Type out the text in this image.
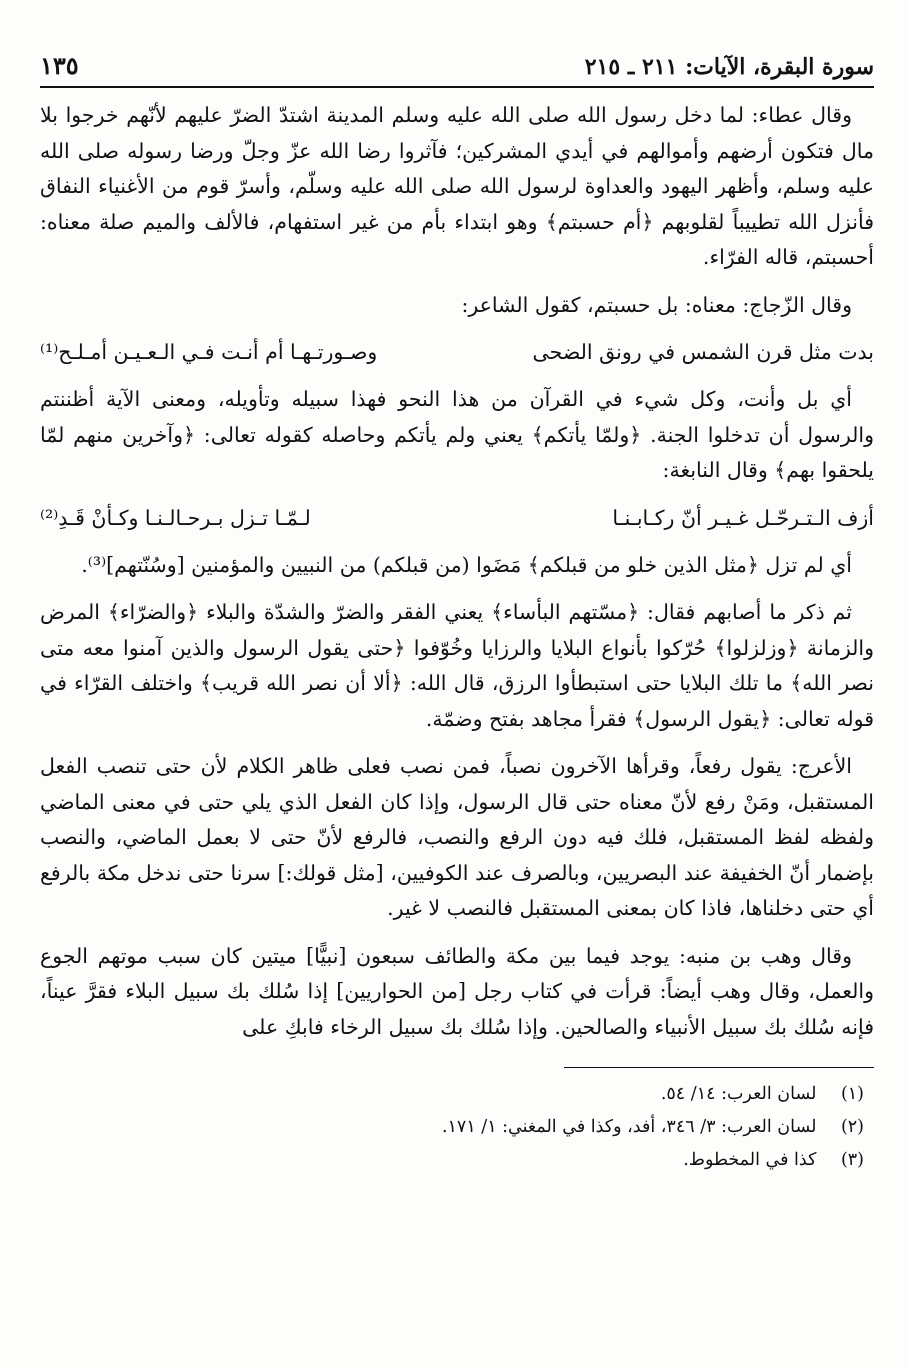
سورة البقرة، الآيات: ٢١١ ـ ٢١٥
١٣٥

وقال عطاء: لما دخل رسول الله صلى الله عليه وسلم المدينة اشتدّ الضرّ عليهم لأنّهم خرجوا بلا مال فتكون أرضهم وأموالهم في أيدي المشركين؛ فآثروا رضا الله عزّ وجلّ ورضا رسوله صلى الله عليه وسلم، وأظهر اليهود والعداوة لرسول الله صلى الله عليه وسلّم، وأسرّ قوم من الأغنياء النفاق فأنزل الله تطييباً لقلوبهم ﴿أم حسبتم﴾ وهو ابتداء بأم من غير استفهام، فالألف والميم صلة معناه: أحسبتم، قاله الفرّاء.

وقال الزّجاج: معناه: بل حسبتم، كقول الشاعر:

بدت مثل قرن الشمس في رونق الضحى
وصـورتـهـا أم أنـت فـي الـعـيـن أمـلـح⁽¹⁾

أي بل وأنت، وكل شيء في القرآن من هذا النحو فهذا سبيله وتأويله، ومعنى الآية أظننتم والرسول أن تدخلوا الجنة. ﴿ولمّا يأتكم﴾ يعني ولم يأتكم وحاصله كقوله تعالى: ﴿وآخرين منهم لمّا يلحقوا بهم﴾ وقال النابغة:

أزف الـتـرحّـل غـيـر أنّ ركـابـنـا
لـمّـا تـزل بـرحـالـنـا وكـأنْ قَـدِ⁽²⁾

أي لم تزل ﴿مثل الذين خلو من قبلكم﴾ مَضَوا (من قبلكم) من النبيين والمؤمنين [وسُنّتهم]⁽³⁾.

ثم ذكر ما أصابهم فقال: ﴿مسّتهم البأساء﴾ يعني الفقر والضرّ والشدّة والبلاء ﴿والضرّاء﴾ المرض والزمانة ﴿وزلزلوا﴾ حُرّكوا بأنواع البلايا والرزايا وخُوّفوا ﴿حتى يقول الرسول والذين آمنوا معه متى نصر الله﴾ ما تلك البلايا حتى استبطأوا الرزق، قال الله: ﴿ألا أن نصر الله قريب﴾ واختلف القرّاء في قوله تعالى: ﴿يقول الرسول﴾ فقرأ مجاهد بفتح وضمّة.

الأعرج: يقول رفعاً، وقرأها الآخرون نصباً، فمن نصب فعلى ظاهر الكلام لأن حتى تنصب الفعل المستقبل، ومَنْ رفع لأنّ معناه حتى قال الرسول، وإذا كان الفعل الذي يلي حتى في معنى الماضي ولفظه لفظ المستقبل، فلك فيه دون الرفع والنصب، فالرفع لأنّ حتى لا بعمل الماضي، والنصب بإضمار أنّ الخفيفة عند البصريين، وبالصرف عند الكوفيين، [مثل قولك:] سرنا حتى ندخل مكة بالرفع أي حتى دخلناها، فاذا كان بمعنى المستقبل فالنصب لا غير.

وقال وهب بن منبه: يوجد فيما بين مكة والطائف سبعون [نبيًّا] ميتين كان سبب موتهم الجوع والعمل، وقال وهب أيضاً: قرأت في كتاب رجل [من الحواريين] إذا سُلك بك سبيل البلاء فقرَّ عيناً، فإنه سُلك بك سبيل الأنبياء والصالحين. وإذا سُلك بك سبيل الرخاء فابكِ على

(١) لسان العرب: ١٤/ ٥٤.
(٢) لسان العرب: ٣/ ٣٤٦، أفد، وكذا في المغني: ١/ ١٧١.
(٣) كذا في المخطوط.
